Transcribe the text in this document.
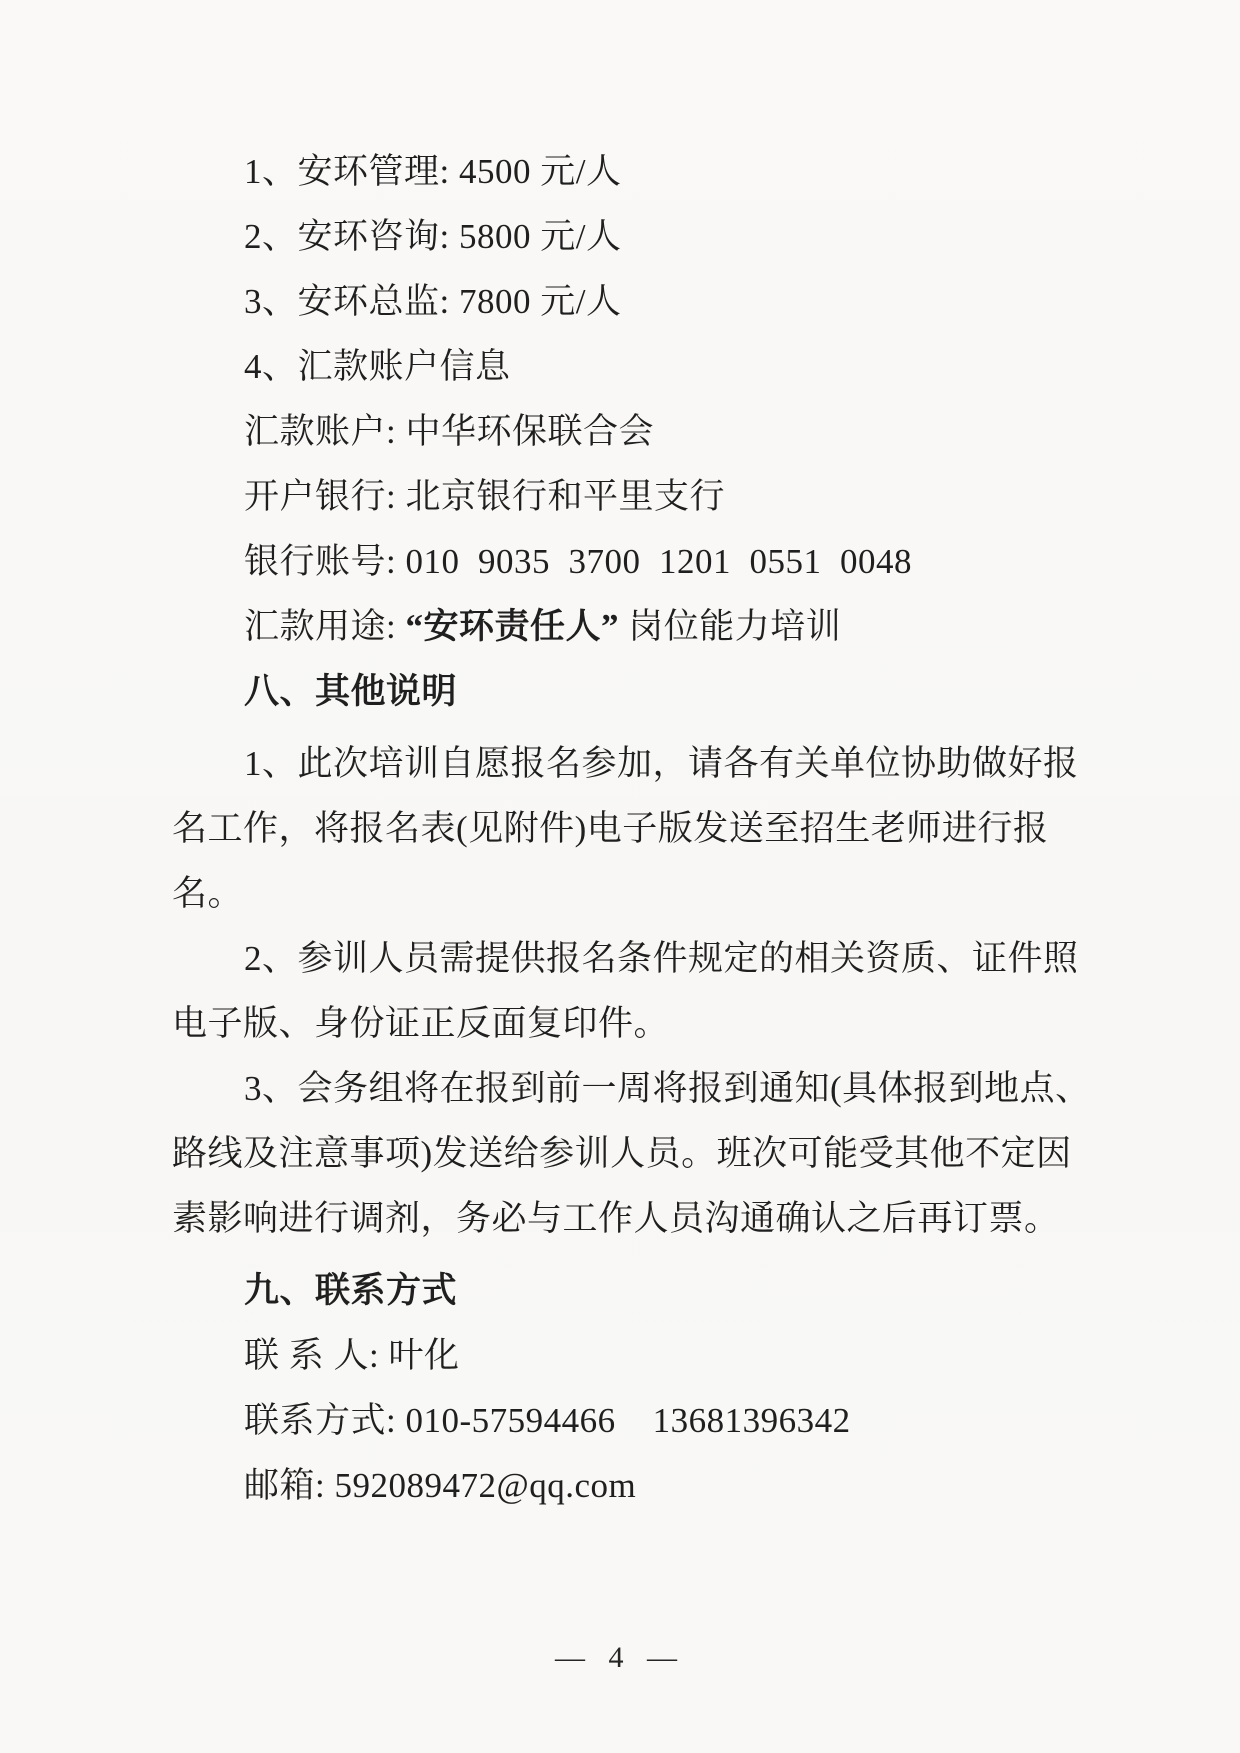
1、安环管理: 4500 元/人

2、安环咨询: 5800 元/人

3、安环总监: 7800 元/人

4、汇款账户信息

汇款账户: 中华环保联合会

开户银行: 北京银行和平里支行

银行账号: 010  9035  3700  1201  0551  0048

汇款用途: “安环责任人” 岗位能力培训

八、其他说明

1、此次培训自愿报名参加，请各有关单位协助做好报

名工作，将报名表(见附件)电子版发送至招生老师进行报

名。

2、参训人员需提供报名条件规定的相关资质、证件照

电子版、身份证正反面复印件。

3、会务组将在报到前一周将报到通知(具体报到地点、

路线及注意事项)发送给参训人员。班次可能受其他不定因

素影响进行调剂，务必与工作人员沟通确认之后再订票。

九、联系方式

联 系 人: 叶化

联系方式: 010-57594466    13681396342

邮箱: 592089472@qq.com

— 4 —
